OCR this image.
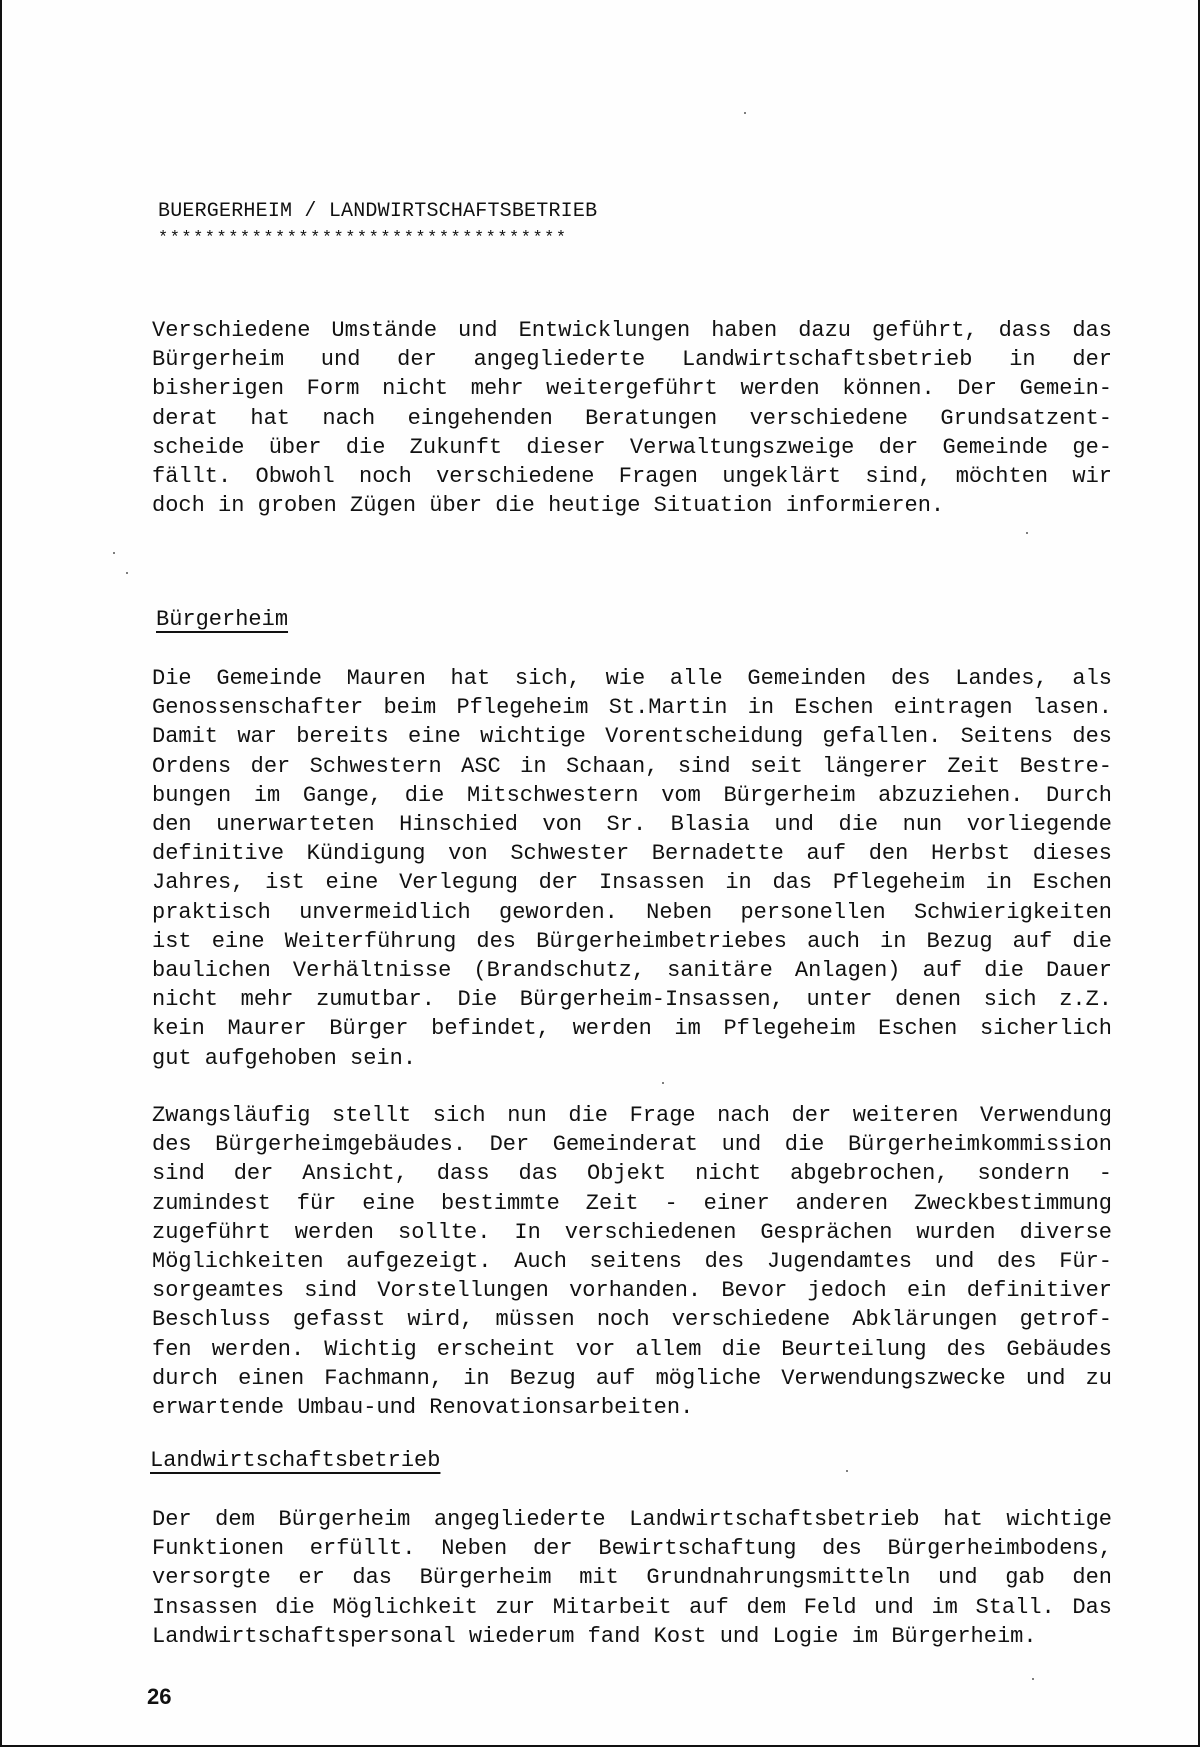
BUERGERHEIM / LANDWIRTSCHAFTSBETRIEB
***********************************
Verschiedene Umstände und Entwicklungen haben dazu geführt, dass das
Bürgerheim und der angegliederte Landwirtschaftsbetrieb in der
bisherigen Form nicht mehr weitergeführt werden können. Der Gemein-
derat hat nach eingehenden Beratungen verschiedene Grundsatzent-
scheide über die Zukunft dieser Verwaltungszweige der Gemeinde ge-
fällt. Obwohl noch verschiedene Fragen ungeklärt sind, möchten wir
doch in groben Zügen über die heutige Situation informieren.
Bürgerheim
Die Gemeinde Mauren hat sich, wie alle Gemeinden des Landes, als
Genossenschafter beim Pflegeheim St.Martin in Eschen eintragen lasen.
Damit war bereits eine wichtige Vorentscheidung gefallen. Seitens des
Ordens der Schwestern ASC in Schaan, sind seit längerer Zeit Bestre-
bungen im Gange, die Mitschwestern vom Bürgerheim abzuziehen. Durch
den unerwarteten Hinschied von Sr. Blasia und die nun vorliegende
definitive Kündigung von Schwester Bernadette auf den Herbst dieses
Jahres, ist eine Verlegung der Insassen in das Pflegeheim in Eschen
praktisch unvermeidlich geworden. Neben personellen Schwierigkeiten
ist eine Weiterführung des Bürgerheimbetriebes auch in Bezug auf die
baulichen Verhältnisse (Brandschutz, sanitäre Anlagen) auf die Dauer
nicht mehr zumutbar. Die Bürgerheim-Insassen, unter denen sich z.Z.
kein Maurer Bürger befindet, werden im Pflegeheim Eschen sicherlich
gut aufgehoben sein.
Zwangsläufig stellt sich nun die Frage nach der weiteren Verwendung
des Bürgerheimgebäudes. Der Gemeinderat und die Bürgerheimkommission
sind der Ansicht, dass das Objekt nicht abgebrochen, sondern -
zumindest für eine bestimmte Zeit - einer anderen Zweckbestimmung
zugeführt werden sollte. In verschiedenen Gesprächen wurden diverse
Möglichkeiten aufgezeigt. Auch seitens des Jugendamtes und des Für-
sorgeamtes sind Vorstellungen vorhanden. Bevor jedoch ein definitiver
Beschluss gefasst wird, müssen noch verschiedene Abklärungen getrof-
fen werden. Wichtig erscheint vor allem die Beurteilung des Gebäudes
durch einen Fachmann, in Bezug auf mögliche Verwendungszwecke und zu
erwartende Umbau-und Renovationsarbeiten.
Landwirtschaftsbetrieb
Der dem Bürgerheim angegliederte Landwirtschaftsbetrieb hat wichtige
Funktionen erfüllt. Neben der Bewirtschaftung des Bürgerheimbodens,
versorgte er das Bürgerheim mit Grundnahrungsmitteln und gab den
Insassen die Möglichkeit zur Mitarbeit auf dem Feld und im Stall. Das
Landwirtschaftspersonal wiederum fand Kost und Logie im Bürgerheim.
26
